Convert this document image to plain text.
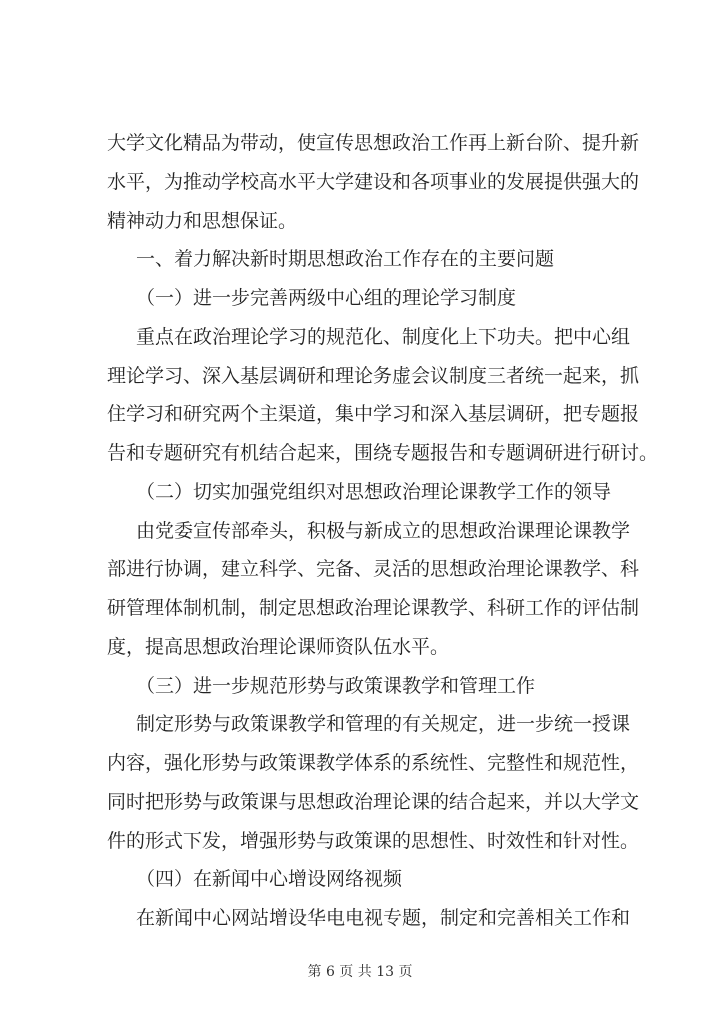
大学文化精品为带动，使宣传思想政治工作再上新台阶、提升新
水平，为推动学校高水平大学建设和各项事业的发展提供强大的
精神动力和思想保证。
一、着力解决新时期思想政治工作存在的主要问题
（一）进一步完善两级中心组的理论学习制度
重点在政治理论学习的规范化、制度化上下功夫。把中心组
理论学习、深入基层调研和理论务虚会议制度三者统一起来，抓
住学习和研究两个主渠道，集中学习和深入基层调研，把专题报
告和专题研究有机结合起来，围绕专题报告和专题调研进行研讨。
（二）切实加强党组织对思想政治理论课教学工作的领导
由党委宣传部牵头，积极与新成立的思想政治课理论课教学
部进行协调，建立科学、完备、灵活的思想政治理论课教学、科
研管理体制机制，制定思想政治理论课教学、科研工作的评估制
度，提高思想政治理论课师资队伍水平。
（三）进一步规范形势与政策课教学和管理工作
制定形势与政策课教学和管理的有关规定，进一步统一授课
内容，强化形势与政策课教学体系的系统性、完整性和规范性，
同时把形势与政策课与思想政治理论课的结合起来，并以大学文
件的形式下发，增强形势与政策课的思想性、时效性和针对性。
（四）在新闻中心增设网络视频
在新闻中心网站增设华电电视专题，制定和完善相关工作和
第 6 页 共 13 页
